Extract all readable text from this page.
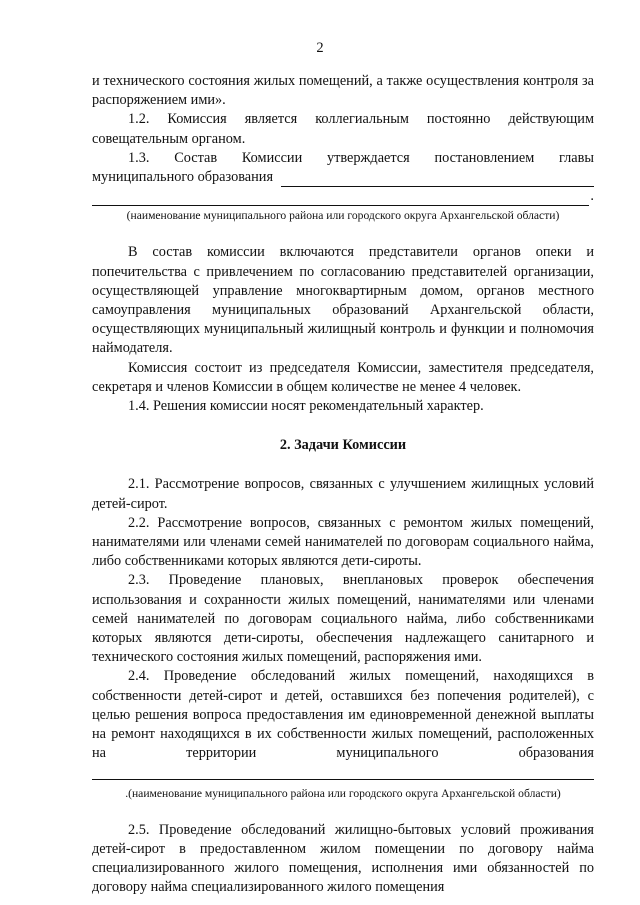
2

и технического состояния жилых помещений, а также осуществления контроля за распоряжением ими».

1.2. Комиссия является коллегиальным постоянно действующим совещательным органом.

1.3. Состав Комиссии утверждается постановлением главы

муниципального образования
.

(наименование муниципального района или городского округа Архангельской области)

В состав комиссии включаются представители органов опеки и попечительства с привлечением по согласованию представителей организации, осуществляющей управление многоквартирным домом, органов местного самоуправления муниципальных образований Архангельской области, осуществляющих муниципальный жилищный контроль и функции и полномочия наймодателя.

Комиссия состоит из председателя Комиссии, заместителя председателя, секретаря и членов Комиссии в общем количестве не менее 4 человек.

1.4. Решения комиссии носят рекомендательный характер.

2. Задачи Комиссии

2.1. Рассмотрение вопросов, связанных с улучшением жилищных условий детей-сирот.

2.2. Рассмотрение вопросов, связанных с ремонтом жилых помещений, нанимателями или членами семей нанимателей по договорам социального найма, либо собственниками которых являются дети-сироты.

2.3. Проведение плановых, внеплановых проверок обеспечения использования и сохранности жилых помещений, нанимателями или членами семей нанимателей по договорам социального найма, либо собственниками которых являются дети-сироты, обеспечения надлежащего санитарного и технического состояния жилых помещений, распоряжения ими.

2.4. Проведение обследований жилых помещений, находящихся в собственности детей-сирот и детей, оставшихся без попечения родителей), с целью решения вопроса предоставления им единовременной денежной выплаты на ремонт находящихся в их собственности жилых помещений, расположенных на территории муниципального образования

.(наименование муниципального района или городского округа Архангельской области)

2.5. Проведение обследований жилищно-бытовых условий проживания детей-сирот в предоставленном жилом помещении по договору найма специализированного жилого помещения, исполнения ими обязанностей по договору найма специализированного жилого помещения
